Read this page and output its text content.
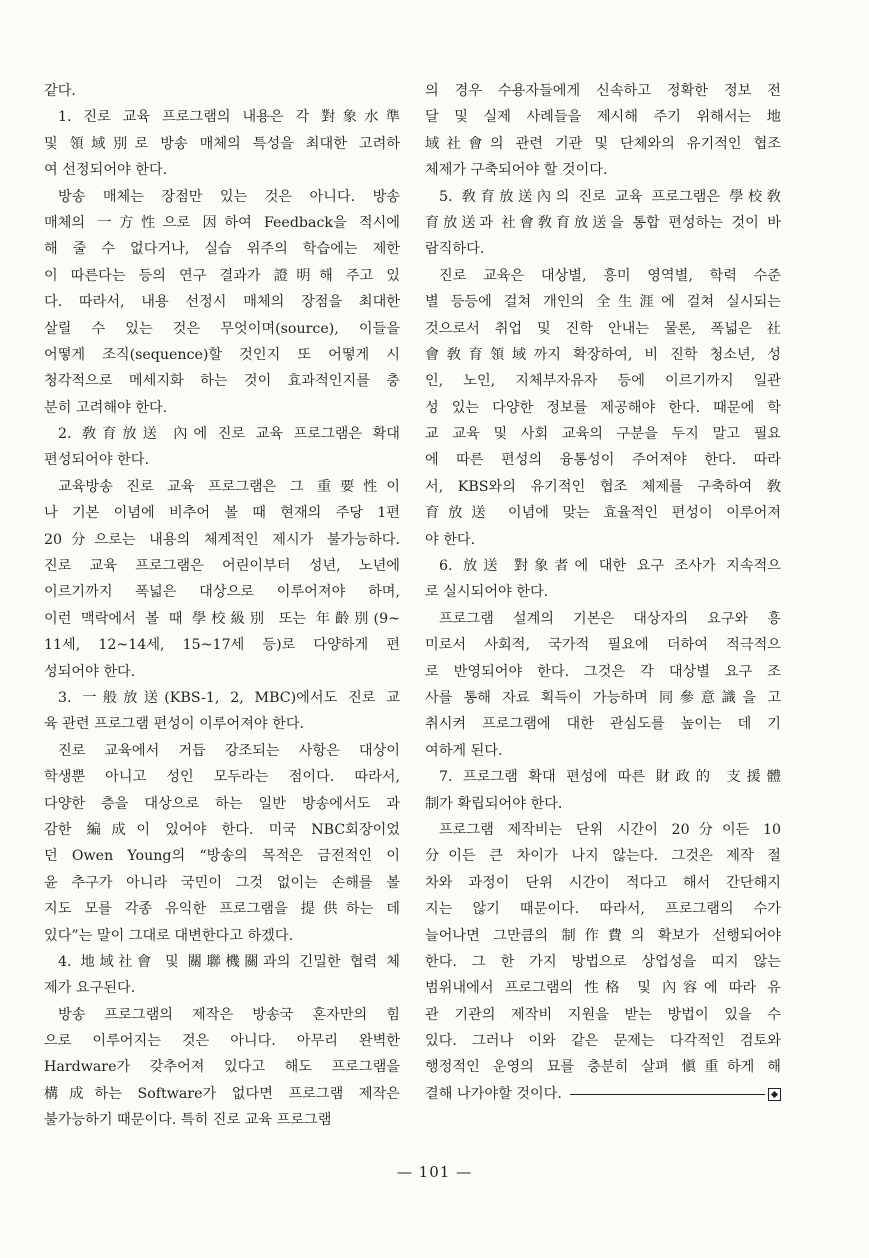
같다.
1. 진로 교육 프로그램의 내용은 각 對象水準
및 領域別로 방송 매체의 특성을 최대한 고려하
여 선정되어야 한다.
방송 매체는 장점만 있는 것은 아니다. 방송
매체의 一方性으로 因하여 Feedback을 적시에
해 줄 수 없다거나, 실습 위주의 학습에는 제한
이 따른다는 등의 연구 결과가 證明해 주고 있
다. 따라서, 내용 선정시 매체의 장점을 최대한
살릴 수 있는 것은 무엇이며(source), 이들을
어떻게 조직(sequence)할 것인지 또 어떻게 시
청각적으로 메세지화 하는 것이 효과적인지를 충
분히 고려해야 한다.
2. 敎育放送 內에 진로 교육 프로그램은 확대
편성되어야 한다.
교육방송 진로 교육 프로그램은 그 重要性이
나 기본 이념에 비추어 볼 때 현재의 주당 1편
20分으로는 내용의 체계적인 제시가 불가능하다.
진로 교육 프로그램은 어린이부터 성년, 노년에
이르기까지 폭넓은 대상으로 이루어져야 하며,
이런 맥락에서 볼 때 學校級別 또는 年齡別(9~
11세, 12~14세, 15~17세 등)로 다양하게 편
성되어야 한다.
3. 一般放送(KBS-1, 2, MBC)에서도 진로 교
육 관련 프로그램 편성이 이루어져야 한다.
진로 교육에서 거듭 강조되는 사항은 대상이
학생뿐 아니고 성인 모두라는 점이다. 따라서,
다양한 층을 대상으로 하는 일반 방송에서도 과
감한 編成이 있어야 한다. 미국 NBC회장이었
던 Owen Young의 “방송의 목적은 금전적인 이
윤 추구가 아니라 국민이 그것 없이는 손해를 볼
지도 모를 각종 유익한 프로그램을 提供하는 데
있다”는 말이 그대로 대변한다고 하겠다.
4. 地域社會 및 關聯機關과의 긴밀한 협력 체
제가 요구된다.
방송 프로그램의 제작은 방송국 혼자만의 힘
으로 이루어지는 것은 아니다. 아무리 완벽한
Hardware가 갖추어져 있다고 해도 프로그램을
構成하는 Software가 없다면 프로그램 제작은
불가능하기 때문이다. 특히 진로 교육 프로그램
의 경우 수용자들에게 신속하고 정확한 정보 전
달 및 실제 사례들을 제시해 주기 위해서는 地
域社會의 관련 기관 및 단체와의 유기적인 협조
체제가 구축되어야 할 것이다.
5. 敎育放送內의 진로 교육 프로그램은 學校敎
育放送과 社會敎育放送을 통합 편성하는 것이 바
람직하다.
진로 교육은 대상별, 흥미 영역별, 학력 수준
별 등등에 걸쳐 개인의 全生涯에 걸쳐 실시되는
것으로서 취업 및 진학 안내는 물론, 폭넓은 社
會敎育領域까지 확장하여, 비 진학 청소년, 성
인, 노인, 지체부자유자 등에 이르기까지 일관
성 있는 다양한 정보를 제공해야 한다. 때문에 학
교 교육 및 사회 교육의 구분을 두지 말고 필요
에 따른 편성의 융통성이 주어져야 한다. 따라
서, KBS와의 유기적인 협조 체제를 구축하여 敎
育放送 이념에 맞는 효율적인 편성이 이루어져
야 한다.
6. 放送 對象者에 대한 요구 조사가 지속적으
로 실시되어야 한다.
프로그램 설계의 기본은 대상자의 요구와 흥
미로서 사회적, 국가적 필요에 더하여 적극적으
로 반영되어야 한다. 그것은 각 대상별 요구 조
사를 통해 자료 획득이 가능하며 同參意識을 고
취시켜 프로그램에 대한 관심도를 높이는 데 기
여하게 된다.
7. 프로그램 확대 편성에 따른 財政的 支援體
制가 확립되어야 한다.
프로그램 제작비는 단위 시간이 20分이든 10
分이든 큰 차이가 나지 않는다. 그것은 제작 절
차와 과정이 단위 시간이 적다고 해서 간단해지
지는 않기 때문이다. 따라서, 프로그램의 수가
늘어나면 그만큼의 制作費의 확보가 선행되어야
한다. 그 한 가지 방법으로 상업성을 띠지 않는
범위내에서 프로그램의 性格 및 內容에 따라 유
관 기관의 제작비 지원을 받는 방법이 있을 수
있다. 그러나 이와 같은 문제는 다각적인 검토와
행정적인 운영의 묘를 충분히 살펴 愼重하게 해
결해 나가야할 것이다.
— 101 —
